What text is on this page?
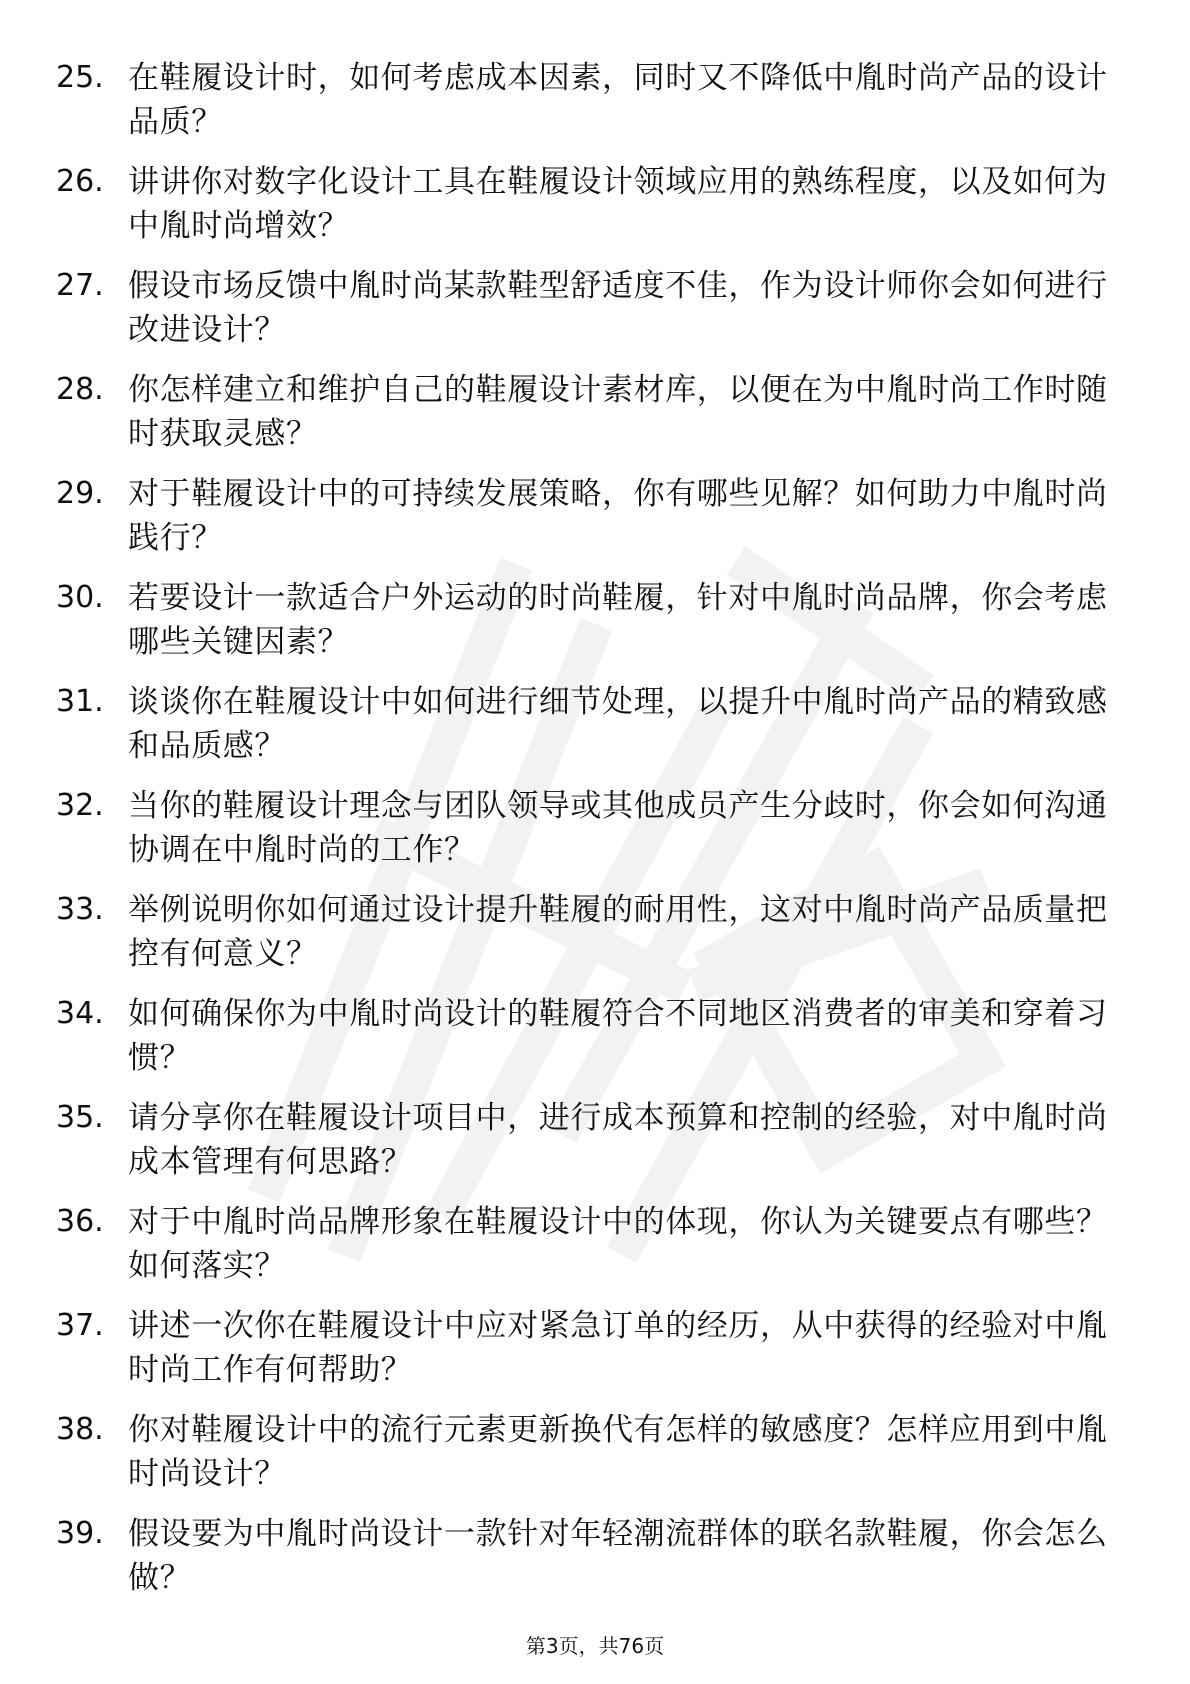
25. 在鞋履设计时，如何考虑成本因素，同时又不降低中胤时尚产品的设计品质？
26. 讲讲你对数字化设计工具在鞋履设计领域应用的熟练程度，以及如何为中胤时尚增效？
27. 假设市场反馈中胤时尚某款鞋型舒适度不佳，作为设计师你会如何进行改进设计？
28. 你怎样建立和维护自己的鞋履设计素材库，以便在为中胤时尚工作时随时获取灵感？
29. 对于鞋履设计中的可持续发展策略，你有哪些见解？如何助力中胤时尚践行？
30. 若要设计一款适合户外运动的时尚鞋履，针对中胤时尚品牌，你会考虑哪些关键因素？
31. 谈谈你在鞋履设计中如何进行细节处理，以提升中胤时尚产品的精致感和品质感？
32. 当你的鞋履设计理念与团队领导或其他成员产生分歧时，你会如何沟通协调在中胤时尚的工作？
33. 举例说明你如何通过设计提升鞋履的耐用性，这对中胤时尚产品质量把控有何意义？
34. 如何确保你为中胤时尚设计的鞋履符合不同地区消费者的审美和穿着习惯？
35. 请分享你在鞋履设计项目中，进行成本预算和控制的经验，对中胤时尚成本管理有何思路？
36. 对于中胤时尚品牌形象在鞋履设计中的体现，你认为关键要点有哪些？如何落实？
37. 讲述一次你在鞋履设计中应对紧急订单的经历，从中获得的经验对中胤时尚工作有何帮助？
38. 你对鞋履设计中的流行元素更新换代有怎样的敏感度？怎样应用到中胤时尚设计？
39. 假设要为中胤时尚设计一款针对年轻潮流群体的联名款鞋履，你会怎么做？
第3页，共76页
